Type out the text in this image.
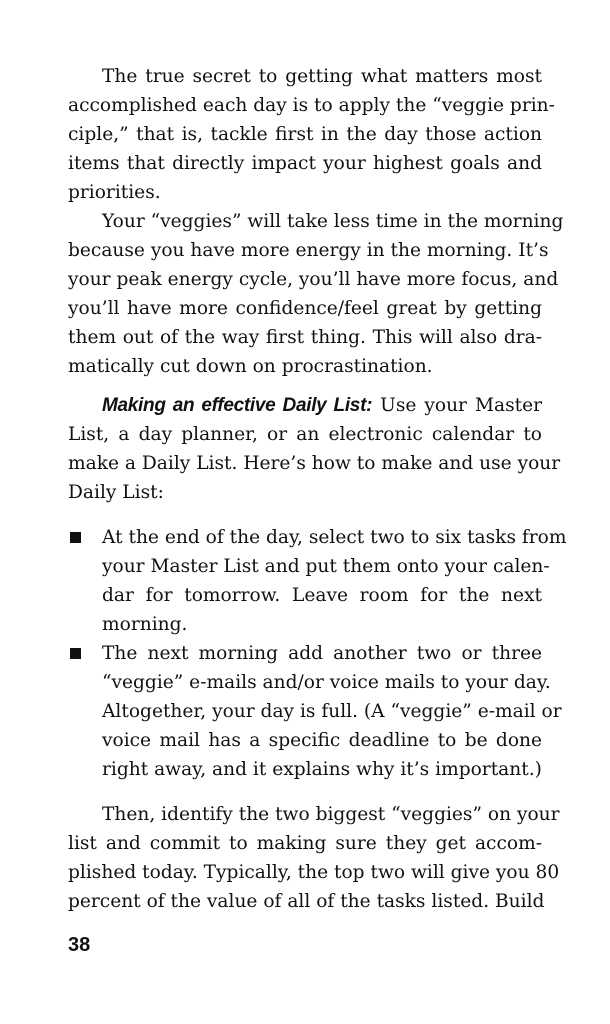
The true secret to getting what matters most
accomplished each day is to apply the “veggie prin-
ciple,” that is, tackle first in the day those action
items that directly impact your highest goals and
priorities.
Your “veggies” will take less time in the morning
because you have more energy in the morning. It’s
your peak energy cycle, you’ll have more focus, and
you’ll have more confidence/feel great by getting
them out of the way first thing. This will also dra-
matically cut down on procrastination.
Making an effective Daily List: Use your Master
List, a day planner, or an electronic calendar to
make a Daily List. Here’s how to make and use your
Daily List:
At the end of the day, select two to six tasks from
your Master List and put them onto your calen-
dar for tomorrow. Leave room for the next
morning.
The next morning add another two or three
“veggie” e-mails and/or voice mails to your day.
Altogether, your day is full. (A “veggie” e-mail or
voice mail has a specific deadline to be done
right away, and it explains why it’s important.)
Then, identify the two biggest “veggies” on your
list and commit to making sure they get accom-
plished today. Typically, the top two will give you 80
percent of the value of all of the tasks listed. Build
38
